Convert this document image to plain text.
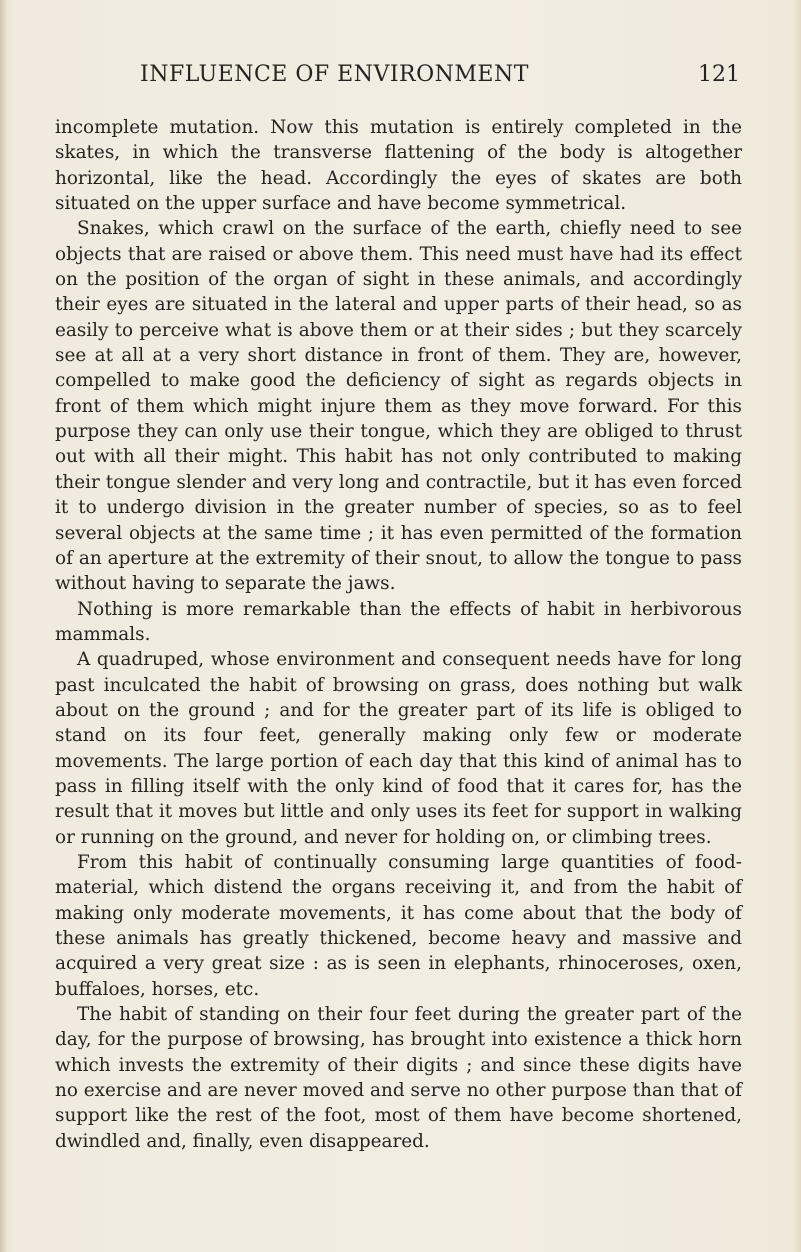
INFLUENCE OF ENVIRONMENT	121

incomplete mutation. Now this mutation is entirely completed in the skates, in which the transverse flattening of the body is altogether horizontal, like the head. Accordingly the eyes of skates are both situated on the upper surface and have become symmetrical.

Snakes, which crawl on the surface of the earth, chiefly need to see objects that are raised or above them. This need must have had its effect on the position of the organ of sight in these animals, and accordingly their eyes are situated in the lateral and upper parts of their head, so as easily to perceive what is above them or at their sides ; but they scarcely see at all at a very short distance in front of them. They are, however, compelled to make good the deficiency of sight as regards objects in front of them which might injure them as they move forward. For this purpose they can only use their tongue, which they are obliged to thrust out with all their might. This habit has not only contributed to making their tongue slender and very long and contractile, but it has even forced it to undergo division in the greater number of species, so as to feel several objects at the same time ; it has even permitted of the formation of an aperture at the extremity of their snout, to allow the tongue to pass without having to separate the jaws.

Nothing is more remarkable than the effects of habit in herbivorous mammals.

A quadruped, whose environment and consequent needs have for long past inculcated the habit of browsing on grass, does nothing but walk about on the ground ; and for the greater part of its life is obliged to stand on its four feet, generally making only few or moderate movements. The large portion of each day that this kind of animal has to pass in filling itself with the only kind of food that it cares for, has the result that it moves but little and only uses its feet for support in walking or running on the ground, and never for holding on, or climbing trees.

From this habit of continually consuming large quantities of food-material, which distend the organs receiving it, and from the habit of making only moderate movements, it has come about that the body of these animals has greatly thickened, become heavy and massive and acquired a very great size : as is seen in elephants, rhinoceroses, oxen, buffaloes, horses, etc.

The habit of standing on their four feet during the greater part of the day, for the purpose of browsing, has brought into existence a thick horn which invests the extremity of their digits ; and since these digits have no exercise and are never moved and serve no other purpose than that of support like the rest of the foot, most of them have become shortened, dwindled and, finally, even disappeared.
